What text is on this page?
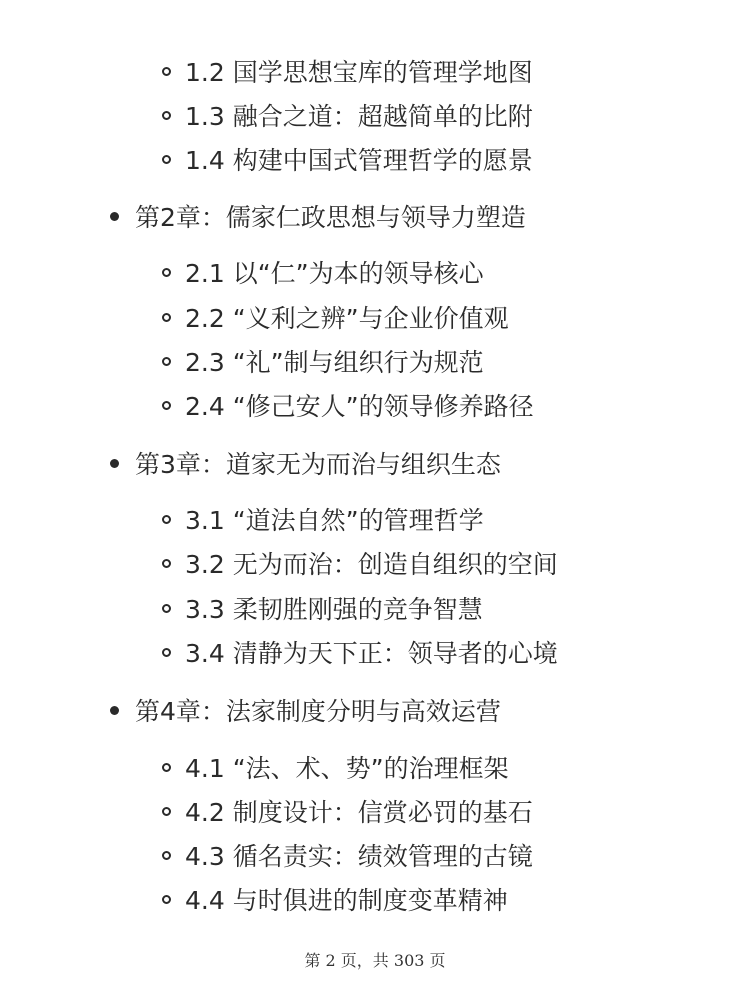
1.2 国学思想宝库的管理学地图
1.3 融合之道：超越简单的比附
1.4 构建中国式管理哲学的愿景
第2章：儒家仁政思想与领导力塑造
2.1 以“仁”为本的领导核心
2.2 “义利之辨”与企业价值观
2.3 “礼”制与组织行为规范
2.4 “修己安人”的领导修养路径
第3章：道家无为而治与组织生态
3.1 “道法自然”的管理哲学
3.2 无为而治：创造自组织的空间
3.3 柔韧胜刚强的竞争智慧
3.4 清静为天下正：领导者的心境
第4章：法家制度分明与高效运营
4.1 “法、术、势”的治理框架
4.2 制度设计：信赏必罚的基石
4.3 循名责实：绩效管理的古镜
4.4 与时俱进的制度变革精神
第 2 页，共 303 页
